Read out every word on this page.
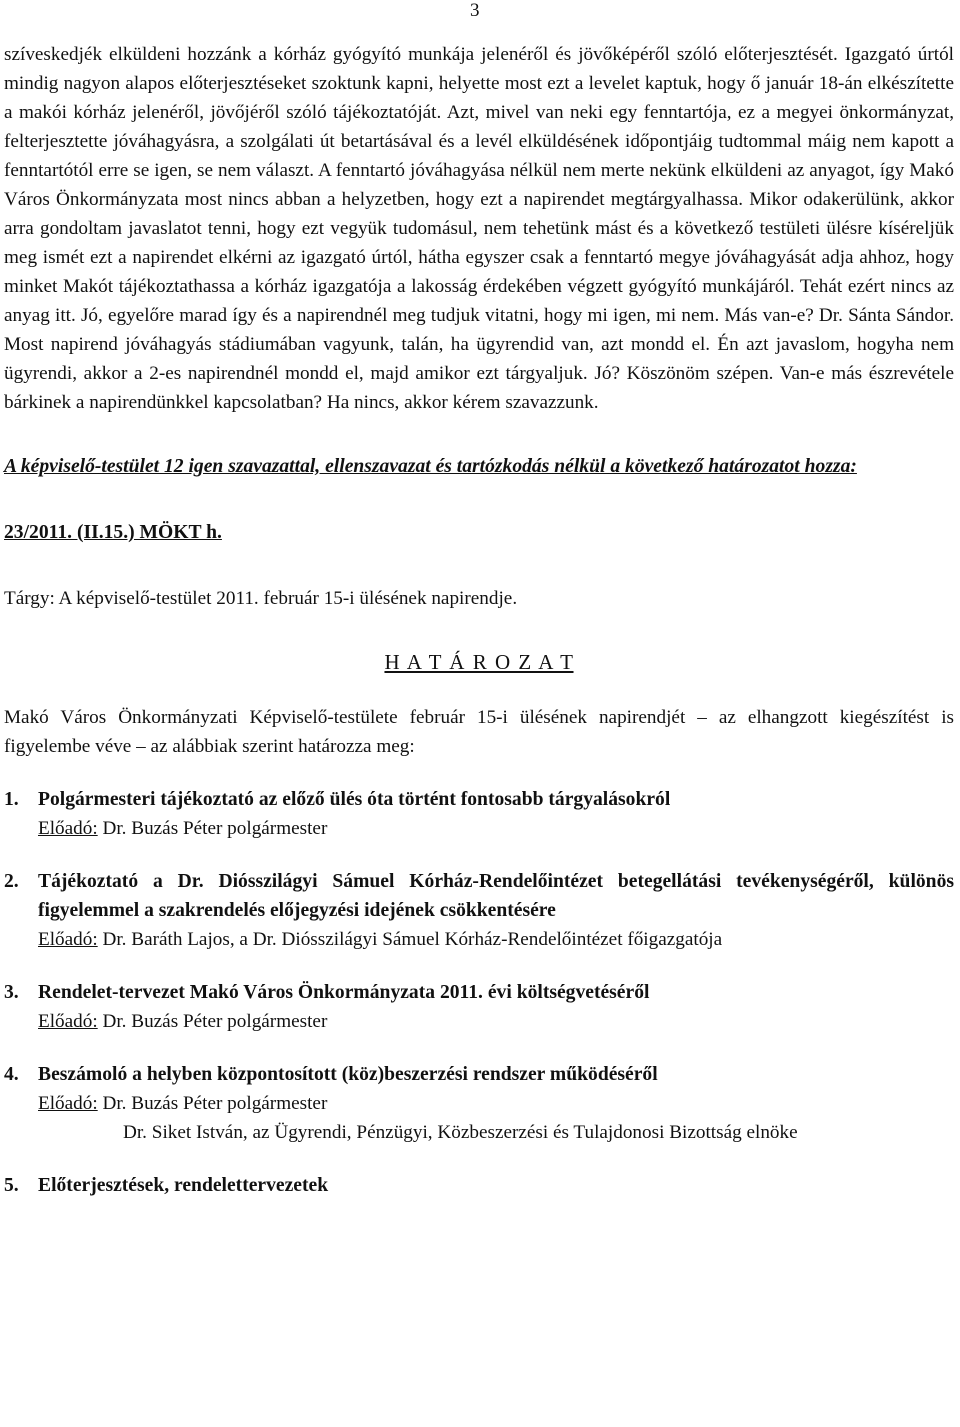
3

szíveskedjék elküldeni hozzánk a kórház gyógyító munkája jelenéről és jövőképéről szóló előterjesztését. Igazgató úrtól mindig nagyon alapos előterjesztéseket szoktunk kapni, helyette most ezt a levelet kaptuk, hogy ő január 18-án elkészítette a makói kórház jelenéről, jövőjéről szóló tájékoztatóját. Azt, mivel van neki egy fenntartója, ez a megyei önkormányzat, felterjesztette jóváhagyásra, a szolgálati út betartásával és a levél elküldésének időpontjáig tudtommal máig nem kapott a fenntartótól erre se igen, se nem választ. A fenntartó jóváhagyása nélkül nem merte nekünk elküldeni az anyagot, így Makó Város Önkormányzata most nincs abban a helyzetben, hogy ezt a napirendet megtárgyalhassa. Mikor odakerülünk, akkor arra gondoltam javaslatot tenni, hogy ezt vegyük tudomásul, nem tehetünk mást és a következő testületi ülésre kíséreljük meg ismét ezt a napirendet elkérni az igazgató úrtól, hátha egyszer csak a fenntartó megye jóváhagyását adja ahhoz, hogy minket Makót tájékoztathassa a kórház igazgatója a lakosság érdekében végzett gyógyító munkájáról. Tehát ezért nincs az anyag itt. Jó, egyelőre marad így és a napirendnél meg tudjuk vitatni, hogy mi igen, mi nem. Más van-e? Dr. Sánta Sándor. Most napirend jóváhagyás stádiumában vagyunk, talán, ha ügyrendid van, azt mondd el. Én azt javaslom, hogyha nem ügyrendi, akkor a 2-es napirendnél mondd el, majd amikor ezt tárgyaljuk. Jó? Köszönöm szépen. Van-e más észrevétele bárkinek a napirendünkkel kapcsolatban? Ha nincs, akkor kérem szavazzunk.

A képviselő-testület 12 igen szavazattal, ellenszavazat és tartózkodás nélkül a következő határozatot hozza:

23/2011. (II.15.) MÖKT h.

Tárgy: A képviselő-testület 2011. február 15-i ülésének napirendje.

H A T Á R O Z A T

Makó Város Önkormányzati Képviselő-testülete február 15-i ülésének napirendjét – az elhangzott kiegészítést is figyelembe véve – az alábbiak szerint határozza meg:

1. Polgármesteri tájékoztató az előző ülés óta történt fontosabb tárgyalásokról
Előadó: Dr. Buzás Péter polgármester
2. Tájékoztató a Dr. Diósszilágyi Sámuel Kórház-Rendelőintézet betegellátási tevékenységéről, különös figyelemmel a szakrendelés előjegyzési idejének csökkentésére
Előadó: Dr. Baráth Lajos, a Dr. Diósszilágyi Sámuel Kórház-Rendelőintézet főigazgatója
3. Rendelet-tervezet Makó Város Önkormányzata 2011. évi költségvetéséről
Előadó: Dr. Buzás Péter polgármester
4. Beszámoló a helyben központosított (köz)beszerzési rendszer működéséről
Előadó: Dr. Buzás Péter polgármester
Dr. Siket István, az Ügyrendi, Pénzügyi, Közbeszerzési és Tulajdonosi Bizottság elnöke
5. Előterjesztések, rendelettervezetek
